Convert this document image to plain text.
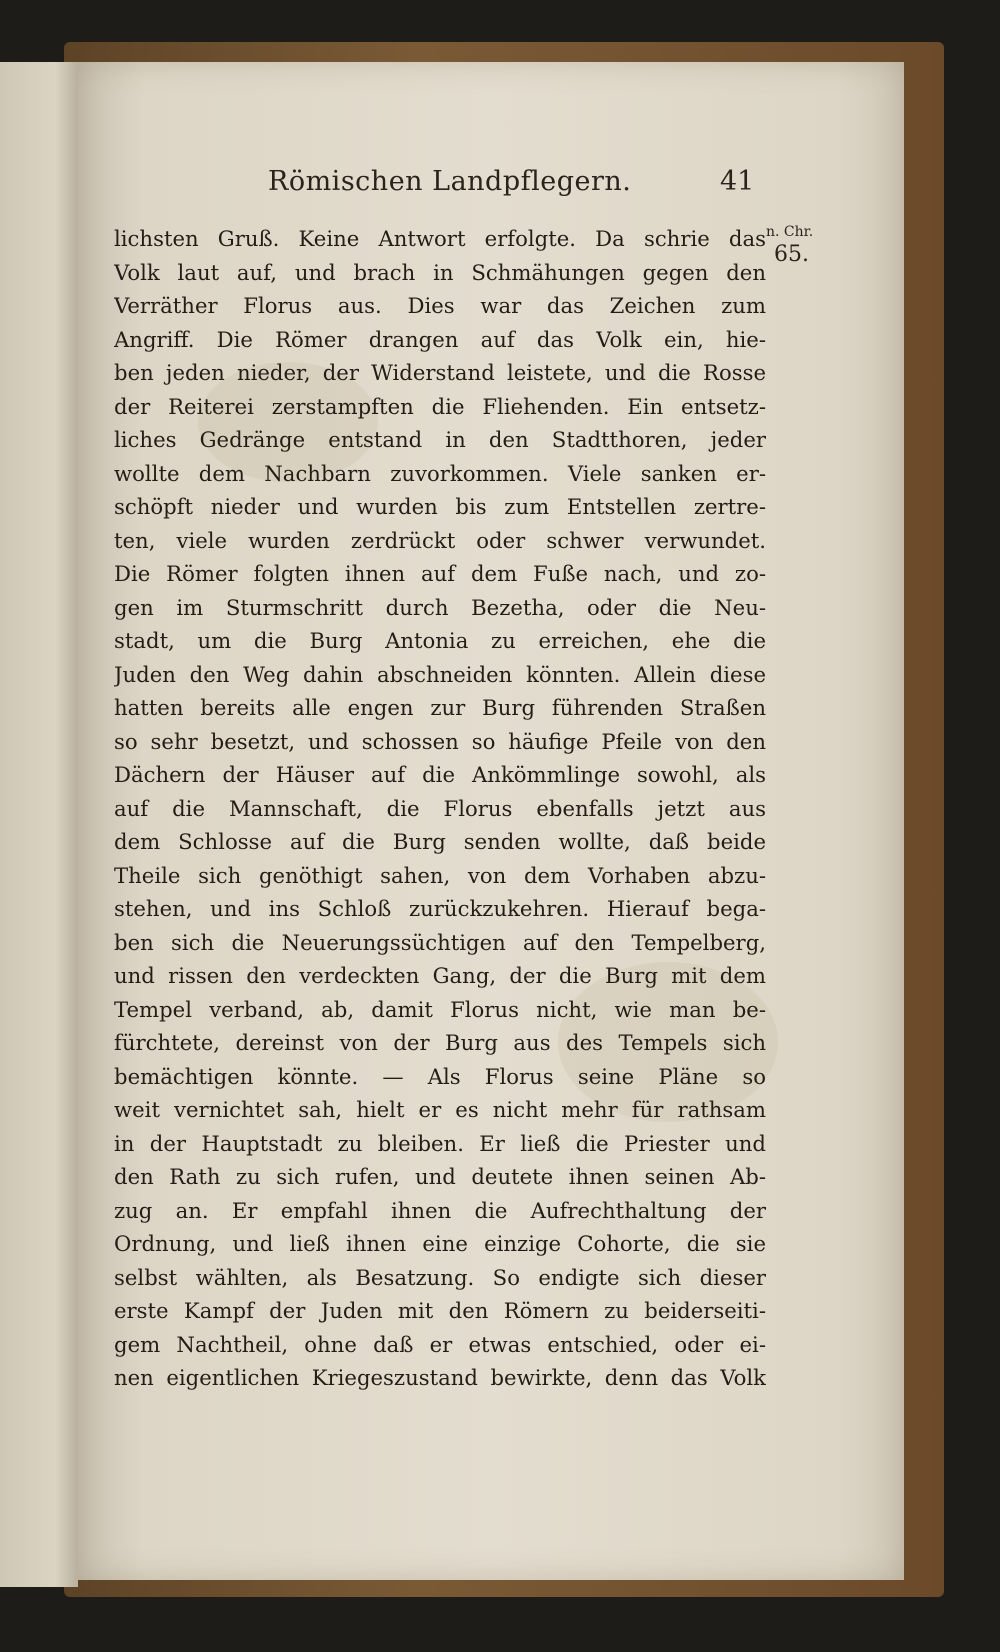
Römischen Landpflegern.	41
n. Chr.
65.
lichsten Gruß. Keine Antwort erfolgte. Da schrie das
Volk laut auf, und brach in Schmähungen gegen den
Verräther Florus aus. Dies war das Zeichen zum
Angriff. Die Römer drangen auf das Volk ein, hie-
ben jeden nieder, der Widerstand leistete, und die Rosse
der Reiterei zerstampften die Fliehenden. Ein entsetz-
liches Gedränge entstand in den Stadtthoren, jeder
wollte dem Nachbarn zuvorkommen. Viele sanken er-
schöpft nieder und wurden bis zum Entstellen zertre-
ten, viele wurden zerdrückt oder schwer verwundet.
Die Römer folgten ihnen auf dem Fuße nach, und zo-
gen im Sturmschritt durch Bezetha, oder die Neu-
stadt, um die Burg Antonia zu erreichen, ehe die
Juden den Weg dahin abschneiden könnten. Allein diese
hatten bereits alle engen zur Burg führenden Straßen
so sehr besetzt, und schossen so häufige Pfeile von den
Dächern der Häuser auf die Ankömmlinge sowohl, als
auf die Mannschaft, die Florus ebenfalls jetzt aus
dem Schlosse auf die Burg senden wollte, daß beide
Theile sich genöthigt sahen, von dem Vorhaben abzu-
stehen, und ins Schloß zurückzukehren. Hierauf bega-
ben sich die Neuerungssüchtigen auf den Tempelberg,
und rissen den verdeckten Gang, der die Burg mit dem
Tempel verband, ab, damit Florus nicht, wie man be-
fürchtete, dereinst von der Burg aus des Tempels sich
bemächtigen könnte. — Als Florus seine Pläne so
weit vernichtet sah, hielt er es nicht mehr für rathsam
in der Hauptstadt zu bleiben. Er ließ die Priester und
den Rath zu sich rufen, und deutete ihnen seinen Ab-
zug an. Er empfahl ihnen die Aufrechthaltung der
Ordnung, und ließ ihnen eine einzige Cohorte, die sie
selbst wählten, als Besatzung. So endigte sich dieser
erste Kampf der Juden mit den Römern zu beiderseiti-
gem Nachtheil, ohne daß er etwas entschied, oder ei-
nen eigentlichen Kriegeszustand bewirkte, denn das Volk
